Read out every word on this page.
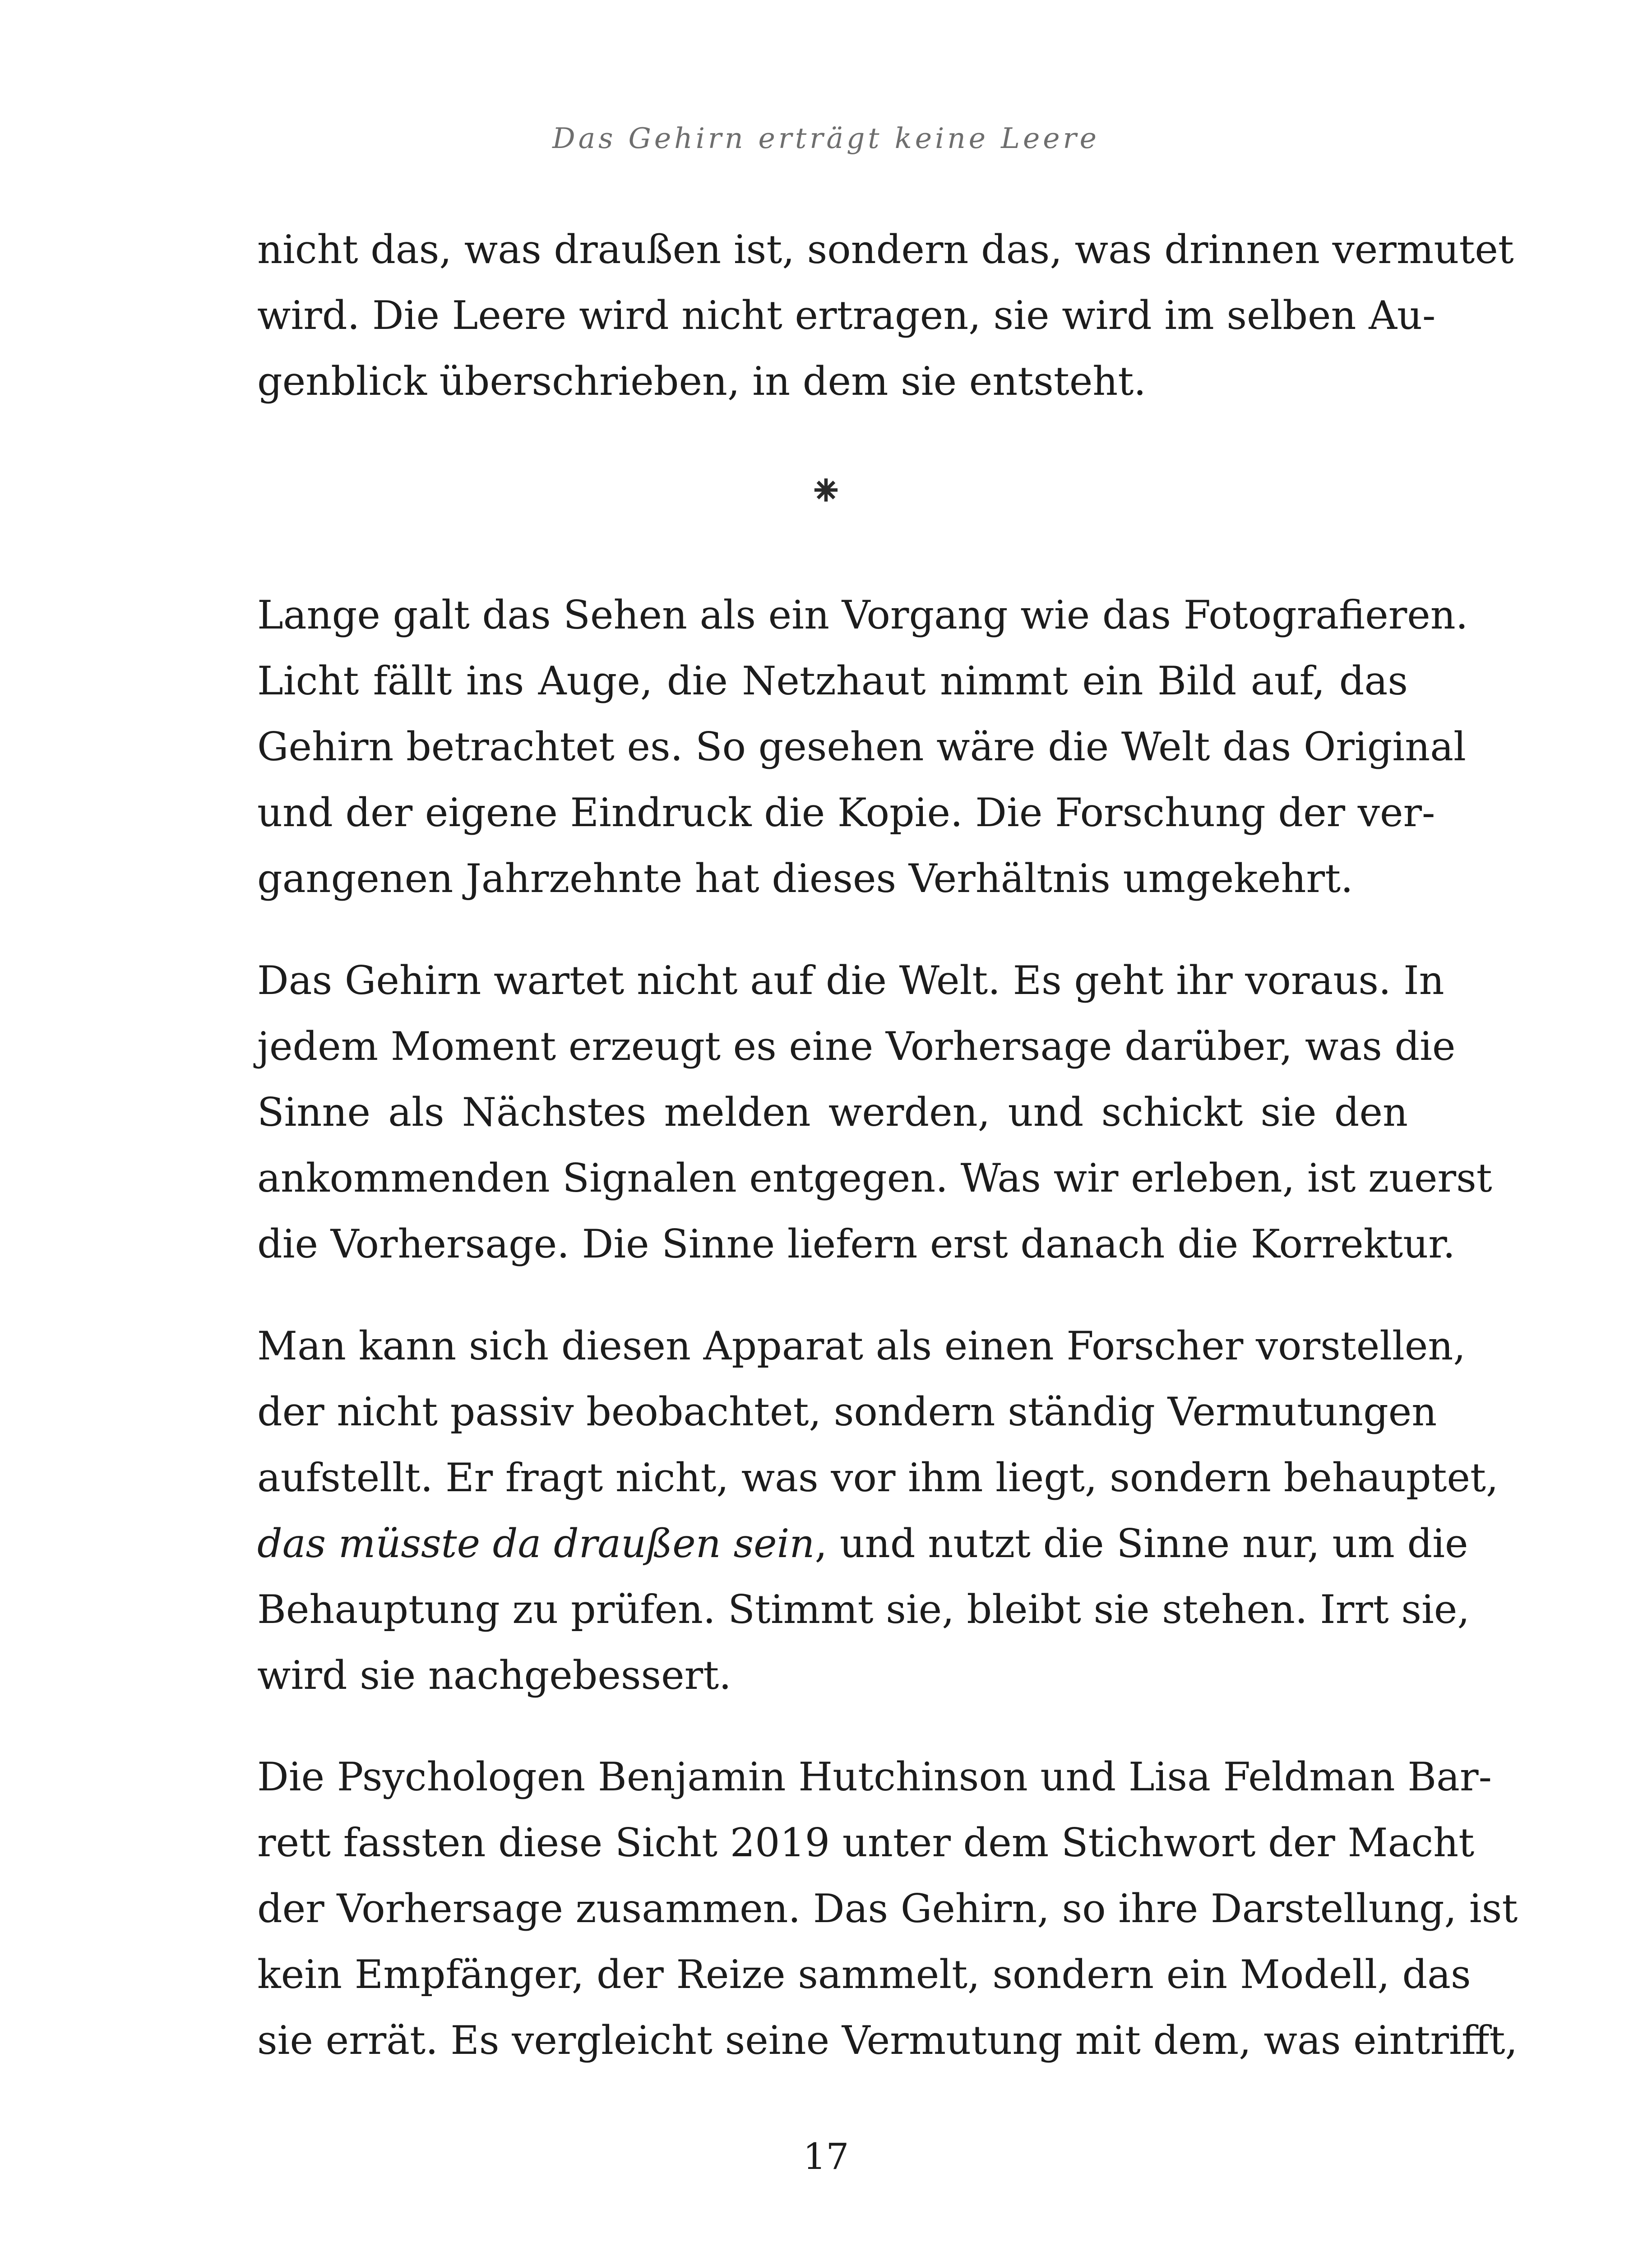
Das Gehirn erträgt keine Leere
nicht das, was draußen ist, sondern das, was drinnen vermutet
wird. Die Leere wird nicht ertragen, sie wird im selben Au-
genblick überschrieben, in dem sie entsteht.
⁕
Lange galt das Sehen als ein Vorgang wie das Fotografieren.
Licht fällt ins Auge, die Netzhaut nimmt ein Bild auf, das
Gehirn betrachtet es. So gesehen wäre die Welt das Original
und der eigene Eindruck die Kopie. Die Forschung der ver-
gangenen Jahrzehnte hat dieses Verhältnis umgekehrt.
Das Gehirn wartet nicht auf die Welt. Es geht ihr voraus. In
jedem Moment erzeugt es eine Vorhersage darüber, was die
Sinne als Nächstes melden werden, und schickt sie den
ankommenden Signalen entgegen. Was wir erleben, ist zuerst
die Vorhersage. Die Sinne liefern erst danach die Korrektur.
Man kann sich diesen Apparat als einen Forscher vorstellen,
der nicht passiv beobachtet, sondern ständig Vermutungen
aufstellt. Er fragt nicht, was vor ihm liegt, sondern behauptet,
das müsste da draußen sein, und nutzt die Sinne nur, um die
Behauptung zu prüfen. Stimmt sie, bleibt sie stehen. Irrt sie,
wird sie nachgebessert.
Die Psychologen Benjamin Hutchinson und Lisa Feldman Bar-
rett fassten diese Sicht 2019 unter dem Stichwort der Macht
der Vorhersage zusammen. Das Gehirn, so ihre Darstellung, ist
kein Empfänger, der Reize sammelt, sondern ein Modell, das
sie errät. Es vergleicht seine Vermutung mit dem, was eintrifft,
17
